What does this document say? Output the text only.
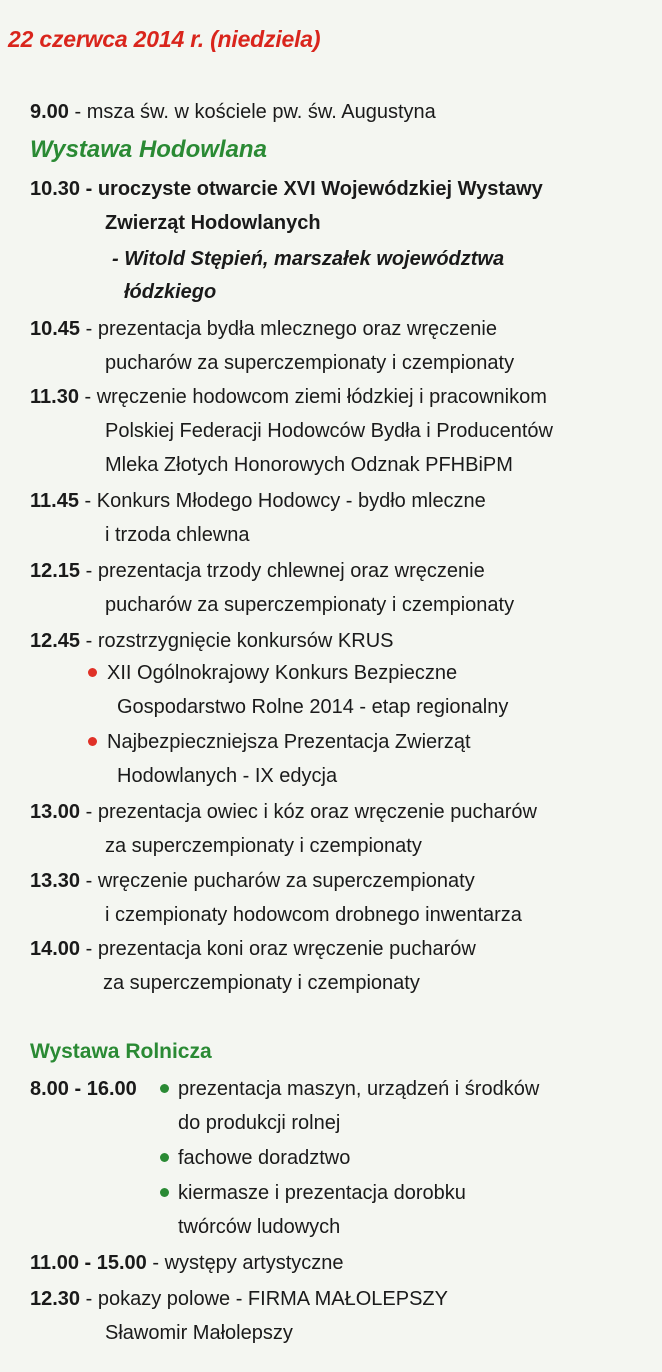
22 czerwca 2014 r. (niedziela)
9.00 - msza św. w kościele pw. św. Augustyna
Wystawa Hodowlana
10.30 - uroczyste otwarcie XVI Wojewódzkiej Wystawy
Zwierząt Hodowlanych
- Witold Stępień, marszałek województwa
łódzkiego
10.45 - prezentacja bydła mlecznego oraz wręczenie
pucharów za superczempionaty i czempionaty
11.30 - wręczenie hodowcom ziemi łódzkiej i pracownikom
Polskiej Federacji Hodowców Bydła i Producentów
Mleka Złotych Honorowych Odznak PFHBiPM
11.45 - Konkurs Młodego Hodowcy - bydło mleczne
i trzoda chlewna
12.15 - prezentacja trzody chlewnej oraz wręczenie
pucharów za superczempionaty i czempionaty
12.45 - rozstrzygnięcie konkursów KRUS
XII Ogólnokrajowy Konkurs Bezpieczne
Gospodarstwo Rolne 2014 - etap regionalny
Najbezpieczniejsza Prezentacja Zwierząt
Hodowlanych - IX edycja
13.00 - prezentacja owiec i kóz oraz wręczenie pucharów
za superczempionaty i czempionaty
13.30 - wręczenie pucharów za superczempionaty
i czempionaty hodowcom drobnego inwentarza
14.00 - prezentacja koni oraz wręczenie pucharów
za superczempionaty i czempionaty
Wystawa Rolnicza
8.00 - 16.00 prezentacja maszyn, urządzeń i środków
do produkcji rolnej
fachowe doradztwo
kiermasze i prezentacja dorobku
twórców ludowych
11.00 - 15.00 - występy artystyczne
12.30 - pokazy polowe - FIRMA MAŁOLEPSZY
Sławomir Małolepszy
